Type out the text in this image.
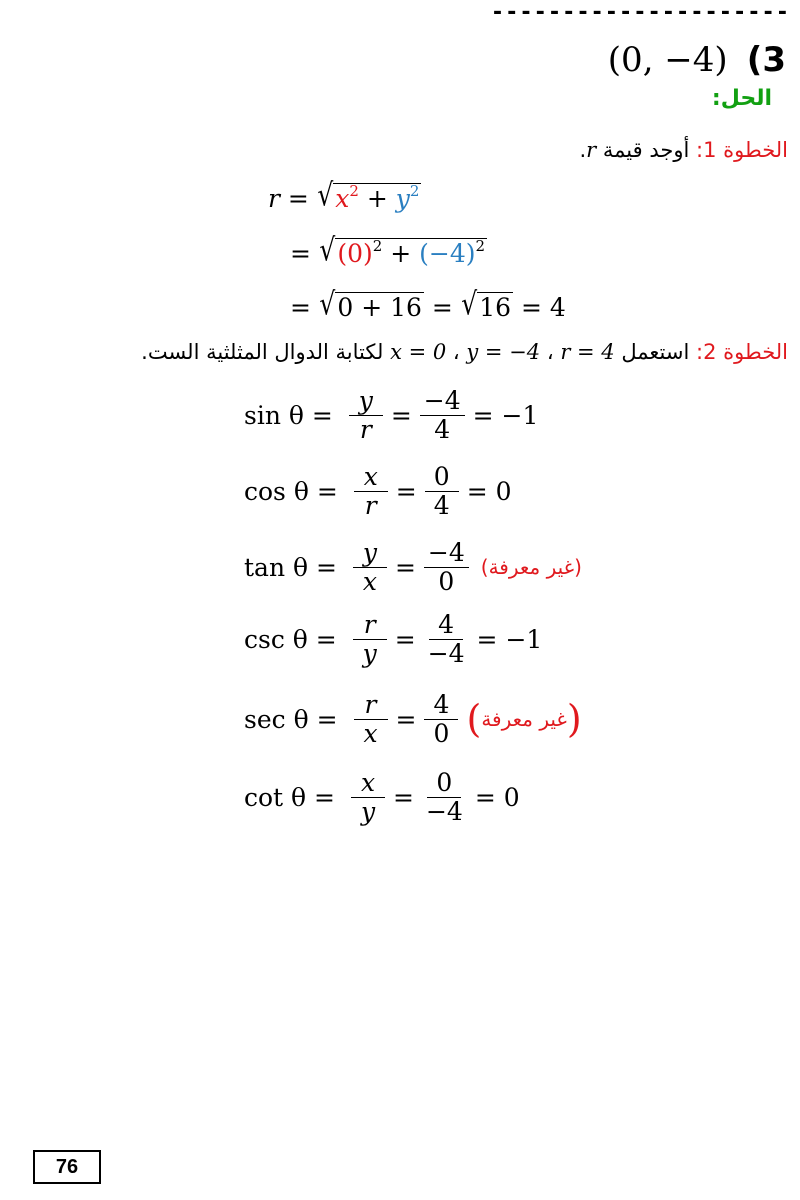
---------------------
(0, −4) (3
الحل:
الخطوة 1: أوجد قيمة r.
$r = √x^2 + y^2$
= $√(0)^2 + (-4)^2$
= √0 + 16 = √16 = 4
الخطوة 2: استعمل r = 4 ، y = −4 ، x = 0 لكتابة الدوال المثلثية الست.
$\sin \theta = \frac{y}{r} = \frac{-4}{4} = -1$
$\cos \theta = \frac{x}{r} = \frac{0}{4} = 0$
$\tan \theta = \frac{y}{x} = \frac{-4}{0}$ (غير معرفة)
$\csc \theta = \frac{r}{y} = \frac{4}{-4} = -1$
$\sec \theta = \frac{r}{x} = \frac{4}{0}$ ( غير معرفة )
$\cot \theta = \frac{x}{y} = \frac{0}{-4} = 0$
76
